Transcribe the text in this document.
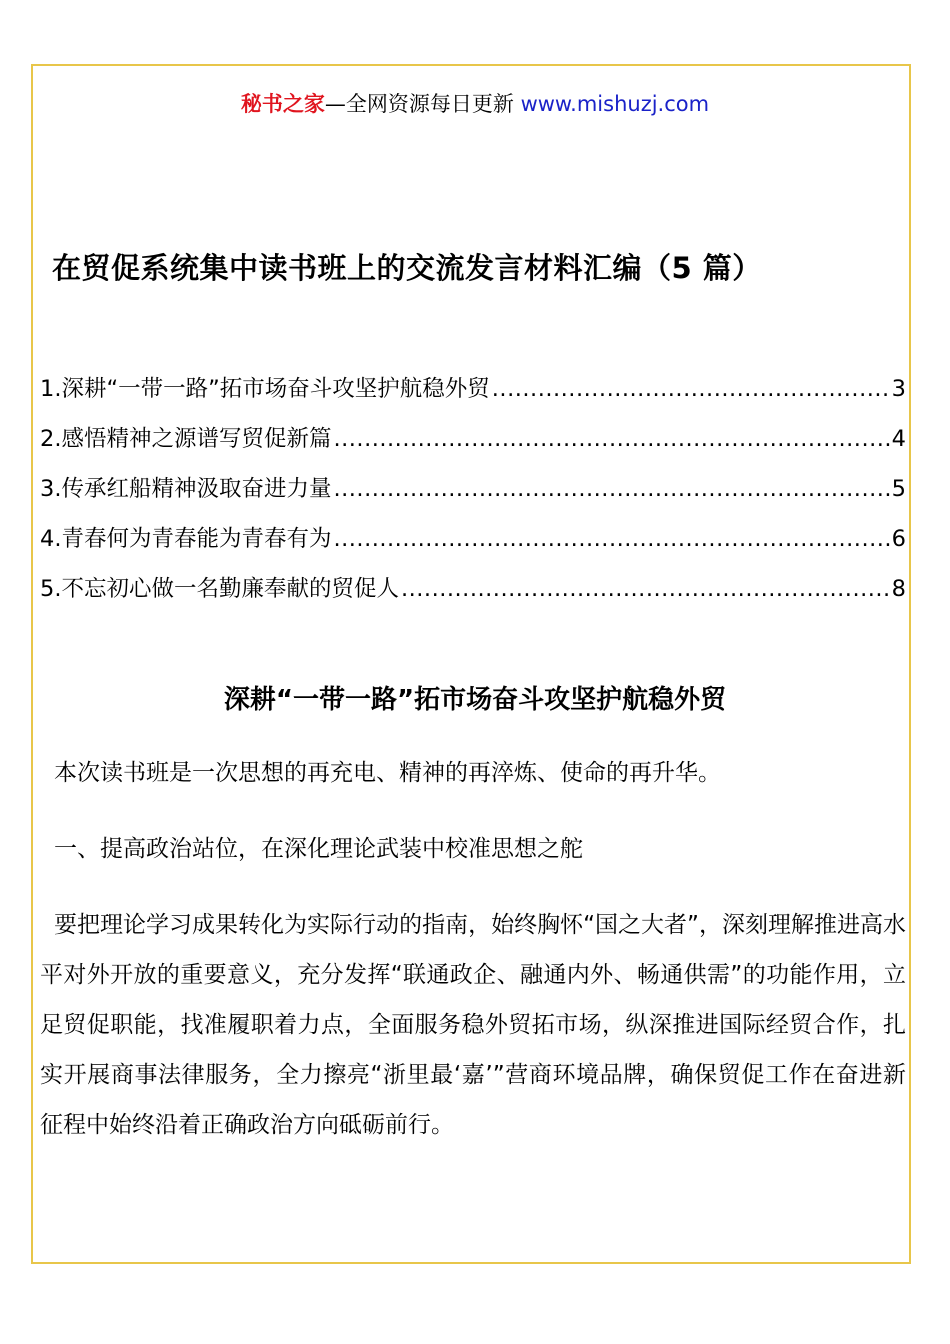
秘书之家—全网资源每日更新 www.mishuzj.com
在贸促系统集中读书班上的交流发言材料汇编（5 篇）
1.深耕“一带一路”拓市场奋斗攻坚护航稳外贸 .....	3
2.感悟精神之源谱写贸促新篇 .....	4
3.传承红船精神汲取奋进力量 .....	5
4.青春何为青春能为青春有为 .....	6
5.不忘初心做一名勤廉奉献的贸促人 .....	8
深耕“一带一路”拓市场奋斗攻坚护航稳外贸
本次读书班是一次思想的再充电、精神的再淬炼、使命的再升华。
一、提高政治站位，在深化理论武装中校准思想之舵
要把理论学习成果转化为实际行动的指南，始终胸怀“国之大者”，深刻理解推进高水平对外开放的重要意义，充分发挥“联通政企、融通内外、畅通供需”的功能作用，立足贸促职能，找准履职着力点，全面服务稳外贸拓市场，纵深推进国际经贸合作，扎实开展商事法律服务，全力擦亮“浙里最‘嘉’”营商环境品牌，确保贸促工作在奋进新征程中始终沿着正确政治方向砥砺前行。
